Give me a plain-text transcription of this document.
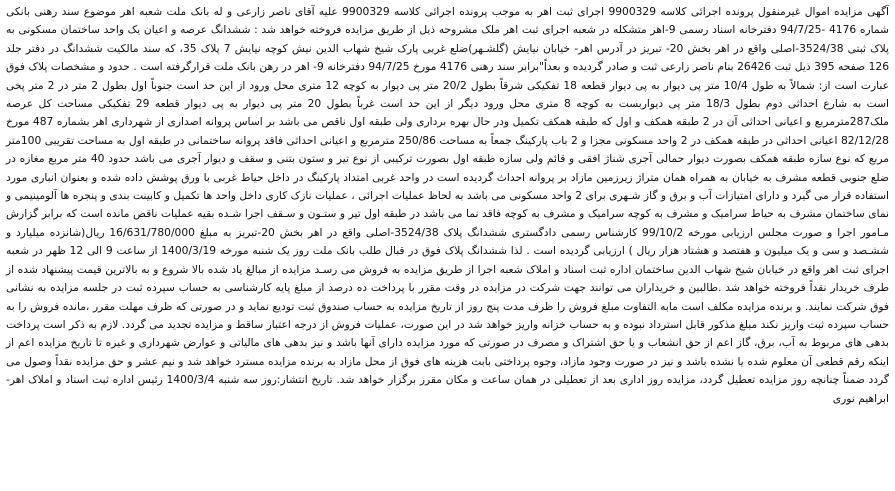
آگهی مزایده اموال غیرمنقول پرونده اجرائی کلاسه 9900329 اجرای ثبت اهر به موجب پرونده اجرائی کلاسه 9900329 علیه آقای ناصر زارعی و له بانک ملت شعبه اهر موضوع سند رهنی بانکی شماره 4176 -94/7/25 دفترخانه اسناد رسمی 9-اهر متشکله در شعبه اجرای ثبت اهر ملک مشروحه ذیل از طریق مزایده فروخته خواهد شد : ششدانگ عرصه و اعیان یک واحد ساختمان مسکونی به پلاک ثبتی 3524/38-اصلی واقع در اهر بخش 20- تبریز در آدرس اهر- خیابان نیایش (گلشـهر)ضلع غربی پارک شیخ شهاب الدین نیش کوچه نیایش 7 پلاک 35، که سند مالکیت ششدانگ در دفتر جلد 126 صفحه 395 ذیل ثبت 26426 بنام ناصر زارعی ثبت و صادر گردیده و بعداً"برابر سند رهنی 4176 مورخ 94/7/25 دفترخانه 9- اهر در رهن بانک ملت قرارگرفته است . حدود و مشخصات پلاک فوق عبارت است از: شمالاً به طول 10/4 متر پی دیوار به پی دیوار قطعه 18 تفکیکی شرقاً بطول 20/2 متر پی دیوار به کوچه 12 متری محل ورود از این حد است جنوباً اول بطول 2 متر در 2 متر پخی است به شارع احداثی دوم بطول 18/3 متر پی دیواربست به کوچه 8 متری محل ورود دیگر از این حد است غرباً بطول 20 متر پی دیوار به پی دیوار قطعه 29 تفکیکی مساحت کل عرصه ملک287مترمربع و اعیانی احداثی آن در 2 طبقه همکف و اول که طبقه همکف تکمیل ودر حال بهره برداری ولی طبقه اول ناقص می باشد بر اساس پروانه اصداری از شهرداری اهر بشماره 487 مورخ 82/12/28 اعیانی احداثی در طبقه همکف در 2 واحد مسکونی مجزا و 2 باب پارکینگ جمعاً به مساحت 250/86 مترمربع و اعیانی احداثی فاقد پروانه ساختمانی در طبقه اول به مساحت تقریبی 100متر مربع که نوع سازه طبقه همکف بصورت دیوار حمالی آجری شناژ افقی و قائم ولی سازه طبقه اول بصورت ترکیبی از نوع تیر و ستون بتنی و سقف و دیوار آجری می باشد حدود 40 متر مربع مغازه در ضلع جنوبی قطعه مشرف به خیابان به همراه همان متراژ زیرزمین مازاد بر پروانه احداث گردیده است در واحد غربی امتداد پارکینگ در داخل حیاط غربی با ورق پوشش داده شده و بعنوان انباری مورد استفاده قرار می گیرد و دارای امتیازات آب و برق و گاز شـهری برای 2 واحد مسکونی می باشد به لحاظ عملیات اجرائی ، عملیات نازک کاری داخل واحد ها تکمیل و کابینت بندی و پنجره ها آلومینیمی و نمای ساختمان مشرف به حیاط سرامیک و مشرف به کوچه سرامیک و مشرف به کوچه فاقد نما می باشد در طبقه اول تیر و ستـون و سـقف اجرا شـده بقیه عملیات ناقص مانده است که برابر گزارش مـامور اجرا و صورت مجلس ارزیابی مورخه 99/10/2 کارشناس رسمی دادگستری ششدانگ پلاک 3524/38-اصلی واقع در اهر بخش 20-تبریز به مبلغ 16/631/780/000 ریال(شانزده میلیارد و ششـصد و سی و یک میلیون و هفتصد و هشتاد هزار ریال ) ارزیابی گردیده است . لذا ششدانگ پلاک فوق در قبال طلب بانک ملت روز یک شنبه مورخه 1400/3/19 از ساعت 9 الی 12 ظهر در شعبه اجرای ثبت اهر واقع در خیابان شیخ شهاب الدین ساختمان اداره ثبت اسناد و املاک شعبه اجرا از طریق مزایده به فروش می رسـد مزایده از مبالغ یاد شده بالا شروع و به بالاترین قیمت پیشنهاد شده از طرف خریدار نقداً فروخته خواهد شد .طالبین و خریداران می توانند جهت شرکت در مزایده در وقت مقرر با پرداخت ده درصد از مبلغ پایه کارشناسی به حساب سپرده ثبت در جلسه مزایده به نشانی فوق شرکت نمایند. و برنده مزایده مکلف است مابه التفاوت مبلغ فروش را ظرف مدت پنج روز از تاریخ مزایده به حساب صندوق ثبت تودیع نماید و در صورتی که ظرف مهلت مقرر ،مانده فروش را به حساب سپرده ثبت واریز نکند مبلغ مذکور قابل استرداد نبوده و به حساب خزانه واریز خواهد شد در این صورت، عملیات فروش از درجه اعتبار ساقط و مزایده تجدید می گردد. لازم به ذکر است پرداخت بدهی های مربوط به آب، برق، گاز اعم از حق انشعاب و یا حق اشتراک و مصرف در صورتی که مورد مزایده دارای آنها باشد و نیز بدهی های مالیاتی و عوارض شهرداری و غیره تا تاریخ مزایده اعم از اینکه رقم قطعی آن معلوم شده یا نشده باشد و نیز در صورت وجود مازاد، وجوه پرداختی بابت هزینه های فوق از محل مازاد به برنده مزایده مسترد خواهد شد و نیم عشر و حق مزایده نقداً وصول می گردد ضمناً چنانچه روز مزایده تعطیل گردد، مزایده روز اداری بعد از تعطیلی در همان ساعت و مکان مقرر برگزار خواهد شد. تاریخ انتشار:روز سه شنبه 1400/3/4 رئیس اداره ثبت اسناد و املاک اهر-ابراهیم نوری
